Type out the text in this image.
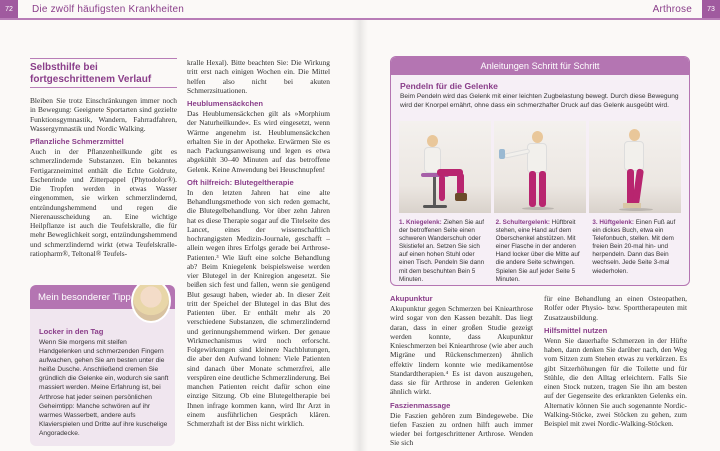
72	Die zwölf häufigsten Krankheiten	Arthrose	73
Selbsthilfe bei fortgeschrittenem Verlauf

Bleiben Sie trotz Einschränkungen immer noch in Bewegung: Geeignete Sportarten sind gezielte Funktionsgymnastik, Wandern, Fahrradfahren, Wassergymnastik und Nordic Walking.

Pflanzliche Schmerzmittel

Auch in der Pflanzenheilkunde gibt es schmerzlindernde Substanzen. Ein bekanntes Fertigarzneimittel enthält die Echte Goldrute, Eschenrinde und Zitterpappel (Phytodolor®). Die Tropfen werden in etwas Wasser eingenommen, sie wirken schmerzlindernd, entzündungshemmend und regen die Nierenausscheidung an. Eine wichtige Heilpflanze ist auch die Teufelskralle, die für mehr Beweglichkeit sorgt, entzündungshemmend und schmerzlindernd wirkt (etwa Teufelskralle-ratiopharm®, Teltonal® Teufels-

Mein besonderer Tipp
Locker in den Tag
Wenn Sie morgens mit steifen Handgelenken und schmerzenden Fingern aufwachen, gehen Sie am besten unter die heiße Dusche. Anschließend cremen Sie gründlich die Gelenke ein, wodurch sie sanft massiert werden. Meine Erfahrung ist, bei Arthrose hat jeder seinen persönlichen Geheimtipp: Manche schwören auf ihr warmes Wasserbett, andere aufs Klavierspielen und Dritte auf ihre kuschelige Angoradecke.

kralle Hexal). Bitte beachten Sie: Die Wirkung tritt erst nach einigen Wochen ein. Die Mittel helfen also nicht bei akuten Schmerzsituationen.

Heublumensäckchen

Das Heublumensäckchen gilt als »Morphium der Naturheilkunde«. Es wird eingesetzt, wenn Wärme angenehm ist. Heublumensäckchen erhalten Sie in der Apotheke. Erwärmen Sie es nach Packungsanweisung und legen es etwa abgekühlt 30–40 Minuten auf das betroffene Gelenk. Keine Anwendung bei Heuschnupfen!

Oft hilfreich: Blutegeltherapie

In den letzten Jahren hat eine alte Behandlungsmethode von sich reden gemacht, die Blutegelbehandlung. Vor über zehn Jahren hat es diese Therapie sogar auf die Titelseite des Lancet, eines der wissenschaftlich hochrangigsten Medizin-Journale, geschafft – allein wegen ihres Erfolgs gerade bei Arthrose-Patienten.³ Wie läuft eine solche Behandlung ab? Beim Kniegelenk beispielsweise werden vier Blutegel in der Kniregion angesetzt. Sie beißen sich fest und fallen, wenn sie genügend Blut gesaugt haben, wieder ab. In dieser Zeit tritt der Speichel der Blutegel in das Blut des Patienten über. Er enthält mehr als 20 verschiedene Substanzen, die schmerzlindernd und gerinnungshemmend wirken. Der genaue Wirkmechanismus wird noch erforscht. Folgewirkungen sind kleinere Nachblutungen, die aber den Aufwand lohnen: Viele Patienten sind danach über Monate schmerzfrei, alle verspüren eine deutliche Schmerzlinderung. Bei manchen Patienten reicht dafür schon eine einzige Sitzung. Ob eine Blutegeltherapie bei Ihnen infrage kommen kann, wird Ihr Arzt in einem ausführlichen Gespräch klären. Schmerzhaft ist der Biss nicht wirklich.

Anleitungen Schritt für Schritt
Pendeln für die Gelenke
Beim Pendeln wird das Gelenk mit einer leichten Zugbelastung bewegt. Durch diese Bewegung wird der Knorpel ernährt, ohne dass ein schmerzhafter Druck auf das Gelenk ausgeübt wird.
1. Kniegelenk: Ziehen Sie auf der betroffenen Seite einen schweren Wanderschuh oder Skistiefel an. Setzen Sie sich auf einen hohen Stuhl oder einen Tisch. Pendeln Sie dann mit dem beschuhten Bein 5 Minuten.
2. Schultergelenk: Hüftbreit stehen, eine Hand auf dem Oberschenkel abstützen. Mit einer Flasche in der anderen Hand locker über die Mitte auf die andere Seite schwingen. Spielen Sie auf jeder Seite 5 Minuten.
3. Hüftgelenk: Einen Fuß auf ein dickes Buch, etwa ein Telefonbuch, stellen. Mit dem freien Bein 20-mal hin- und herpendeln. Dann das Bein wechseln. Jede Seite 3-mal wiederholen.
Akupunktur

Akupunktur gegen Schmerzen bei Kniearthrose wird sogar von den Kassen bezahlt. Das liegt daran, dass in einer großen Studie gezeigt werden konnte, dass Akupunktur Knieschmerzen bei Kniearthrose (wie aber auch Migräne und Rückenschmerzen) ähnlich effektiv lindern konnte wie medikamentöse Standardtherapien.⁴ Es ist davon auszugehen, dass sie für Arthrose in anderen Gelenken ähnlich wirkt.

Faszienmassage

Die Faszien gehören zum Bindegewebe. Die tiefen Faszien zu ordnen hilft auch immer wieder bei fortgeschrittener Arthrose. Wenden Sie sich

für eine Behandlung an einen Osteopathen, Rolfer oder Physio- bzw. Sporttherapeuten mit Zusatzausbildung.

Hilfsmittel nutzen

Wenn Sie dauerhafte Schmerzen in der Hüfte haben, dann denken Sie darüber nach, den Weg vom Sitzen zum Stehen etwas zu verkürzen. Es gibt Sitzerhöhungen für die Toilette und für Stühle, die den Alltag erleichtern. Falls Sie einen Stock nutzen, tragen Sie ihn am besten auf der Gegenseite des erkrankten Gelenks ein. Alternativ können Sie auch sogenannte Nordic-Walking-Stöcke, zwei Stöcken zu gehen, zum Beispiel mit zwei Nordic-Walking-Stöcken.
